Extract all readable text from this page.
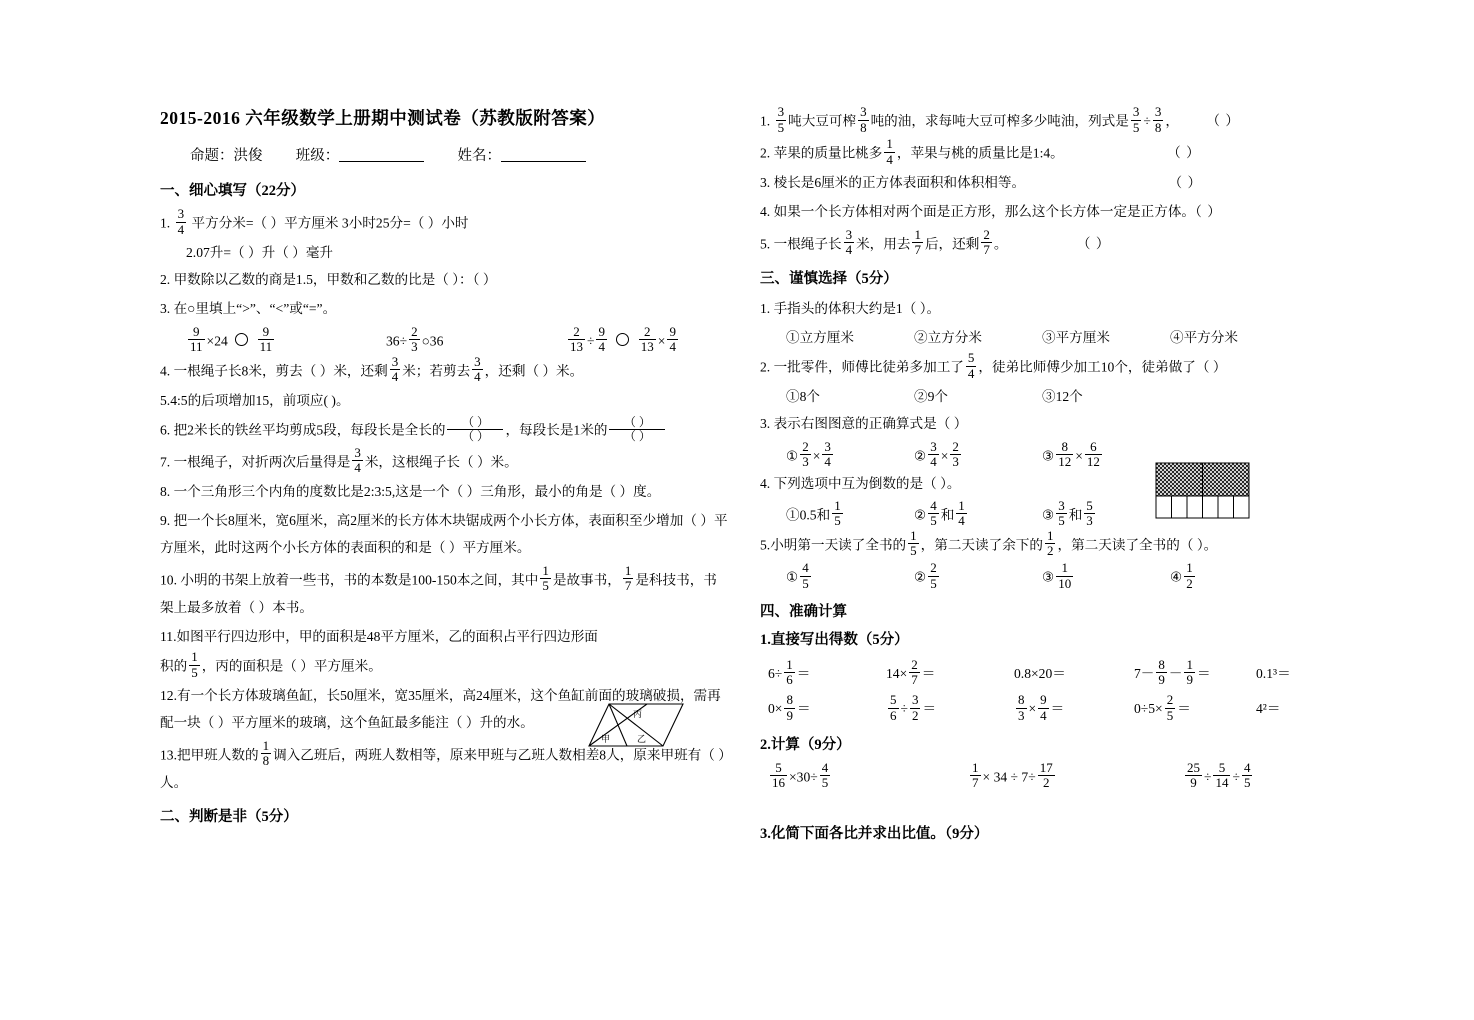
2015-2016 六年级数学上册期中测试卷（苏教版附答案）
命题：洪俊 班级：	姓名：
一、细心填写（22分）
1. $\frac{3}{4}$ 平方分米=（ ）平方厘米 3小时25分=（ ）小时
2.07升=（ ）升（ ）毫升
2. 甲数除以乙数的商是1.5，甲数和乙数的比是（ ）：（ ）
3. 在○里填上“>”、“<”或“=”。
$\frac{9}{11} \times 24 \frac{9}{11}$	$36\div \frac{2}{3}$ ○36	$\frac{2}{13} \div \frac{9}{4}$
$\frac{2}{13} \times \frac{9}{4}$
4. 一根绳子长8米，剪去（ ）米，还剩 $\frac{3}{4}$ 米；若剪去 $\frac{3}{4}$ ，还剩（ ）米。
5.4:5的后项增加15，前项应( )。
6. 把2米长的铁丝平均剪成5段，每段长是全长的 $\frac{( )}{( )}$ ，每段长是1米的 $\frac{( )}{( )}$
7. 一根绳子，对折两次后量得是 $\frac{3}{4}$ 米，这根绳子长（ ）米。
8. 一个三角形三个内角的度数比是2:3:5,这是一个（ ）三角形，最小的角是（ ）度。
9. 把一个长8厘米，宽6厘米，高2厘米的长方体木块锯成两个小长方体，表面积至少增加（ ）平方厘米，此时这两个小长方体的表面积的和是（ ）平方厘米。
10. 小明的书架上放着一些书，书的本数是100-150本之间，其中 $\frac{1}{5}$ 是故事书， $\frac{1}{7}$ 是科技书，书架上最多放着（ ）本书。
11.如图平行四边形中，甲的面积是48平方厘米，乙的面积占平行四边形面积的 $\frac{1}{5}$ ，丙的面积是（ ）平方厘米。
12.有一个长方体玻璃鱼缸，长50厘米，宽35厘米，高24厘米，这个鱼缸前面的玻璃破损，需再配一块（ ）平方厘米的玻璃，这个鱼缸最多能注（ ）升的水。
13.把甲班人数的 $\frac{1}{8}$ 调入乙班后，两班人数相等，原来甲班与乙班人数相差8人，原来甲班有（ ）人。
二、判断是非（5分）
丙
甲	乙
1. $\frac{3}{5}$ 吨大豆可榨 $\frac{3}{8}$ 吨的油，求每吨大豆可榨多少吨油，列式是 $\frac{3}{5} \div \frac{3}{8}$ ， （ ）
2. 苹果的质量比桃多 $\frac{1}{4}$ ，苹果与桃的质量比是1:4。	（ ）
3. 棱长是6厘米的正方体表面积和体积相等。	（ ）
4. 如果一个长方体相对两个面是正方形，那么这个长方体一定是正方体。（ ）
5. 一根绳子长 $\frac{3}{4}$ 米，用去 $\frac{1}{7}$ 后，还剩 $\frac{2}{7}$ 。	（ ）
三、谨慎选择（5分）
1. 手指头的体积大约是1（ ）。
①立方厘米	②立方分米	③平方厘米	④平方分米
2. 一批零件，师傅比徒弟多加工了 $\frac{5}{4}$ ，徒弟比师傅少加工10个，徒弟做了（ ）
①8个	②9个	③12个
3. 表示右图图意的正确算式是（ ）
① $\frac{2}{3} \times \frac{3}{4}$	② $\frac{3}{4} \times \frac{2}{3}$	③ $\frac{8}{12} \times \frac{6}{12}$
4. 下列选项中互为倒数的是（ ）。
①0.5和 $\frac{1}{5}$	② $\frac{4}{5}$ 和 $\frac{1}{4}$	③ $\frac{3}{5}$ 和 $\frac{5}{3}$
5.小明第一天读了全书的 $\frac{1}{5}$ ，第二天读了余下的 $\frac{1}{2}$ ，第二天读了全书的（ ）。
① $\frac{4}{5}$	② $\frac{2}{5}$	③ $\frac{1}{10}$	④ $\frac{1}{2}$
四、准确计算
1.直接写出得数（5分）
$6\div \frac{1}{6}$ ＝	$14\times \frac{2}{7}$ ＝	0.8×20＝	$7- \frac{8}{9} - \frac{1}{9}$ ＝	0.1³＝
$0\times \frac{8}{9}$ ＝	$\frac{5}{6} \div \frac{3}{2}$ ＝	$\frac{8}{3} \times \frac{9}{4}$ ＝	$0\div 5\times \frac{2}{5}$ ＝	4²＝
2.计算（9分）
$\frac{5}{16} \times 30\div \frac{4}{5}$	$\frac{1}{7} \times 34 \div 7\div \frac{17}{2}$	$\frac{25}{9} \div \frac{5}{14} \div \frac{4}{5}$
3.化简下面各比并求出比值。（9分）
